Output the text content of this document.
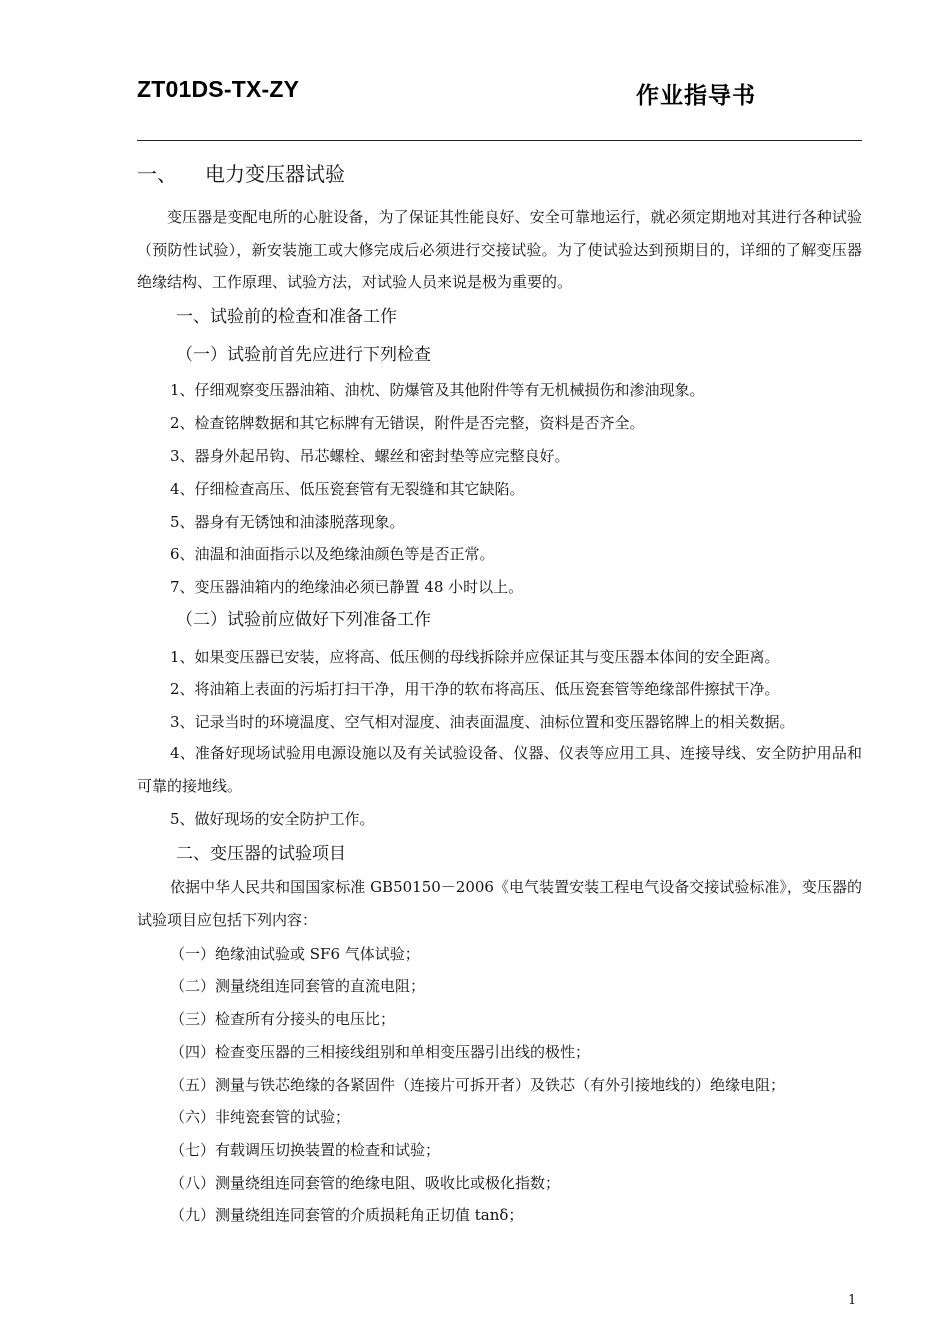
ZT01DS-TX-ZY	作业指导书
一、	电力变压器试验
变压器是变配电所的心脏设备，为了保证其性能良好、安全可靠地运行，就必须定期地对其进行各种试验（预防性试验），新安装施工或大修完成后必须进行交接试验。为了使试验达到预期目的，详细的了解变压器绝缘结构、工作原理、试验方法，对试验人员来说是极为重要的。
一、试验前的检查和准备工作
（一）试验前首先应进行下列检查
1、仔细观察变压器油箱、油枕、防爆管及其他附件等有无机械损伤和渗油现象。
2、检查铭牌数据和其它标牌有无错误，附件是否完整，资料是否齐全。
3、器身外起吊钩、吊芯螺栓、螺丝和密封垫等应完整良好。
4、仔细检查高压、低压瓷套管有无裂缝和其它缺陷。
5、器身有无锈蚀和油漆脱落现象。
6、油温和油面指示以及绝缘油颜色等是否正常。
7、变压器油箱内的绝缘油必须已静置 48 小时以上。
（二）试验前应做好下列准备工作
1、如果变压器已安装，应将高、低压侧的母线拆除并应保证其与变压器本体间的安全距离。
2、将油箱上表面的污垢打扫干净，用干净的软布将高压、低压瓷套管等绝缘部件擦拭干净。
3、记录当时的环境温度、空气相对湿度、油表面温度、油标位置和变压器铭牌上的相关数据。
4、准备好现场试验用电源设施以及有关试验设备、仪器、仪表等应用工具、连接导线、安全防护用品和可靠的接地线。
5、做好现场的安全防护工作。
二、变压器的试验项目
依据中华人民共和国国家标准 GB50150－2006《电气装置安装工程电气设备交接试验标准》，变压器的试验项目应包括下列内容：
（一）绝缘油试验或 SF6 气体试验；
（二）测量绕组连同套管的直流电阻；
（三）检查所有分接头的电压比；
（四）检查变压器的三相接线组别和单相变压器引出线的极性；
（五）测量与铁芯绝缘的各紧固件（连接片可拆开者）及铁芯（有外引接地线的）绝缘电阻；
（六）非纯瓷套管的试验；
（七）有载调压切换装置的检查和试验；
（八）测量绕组连同套管的绝缘电阻、吸收比或极化指数；
（九）测量绕组连同套管的介质损耗角正切值 tanδ；
1
